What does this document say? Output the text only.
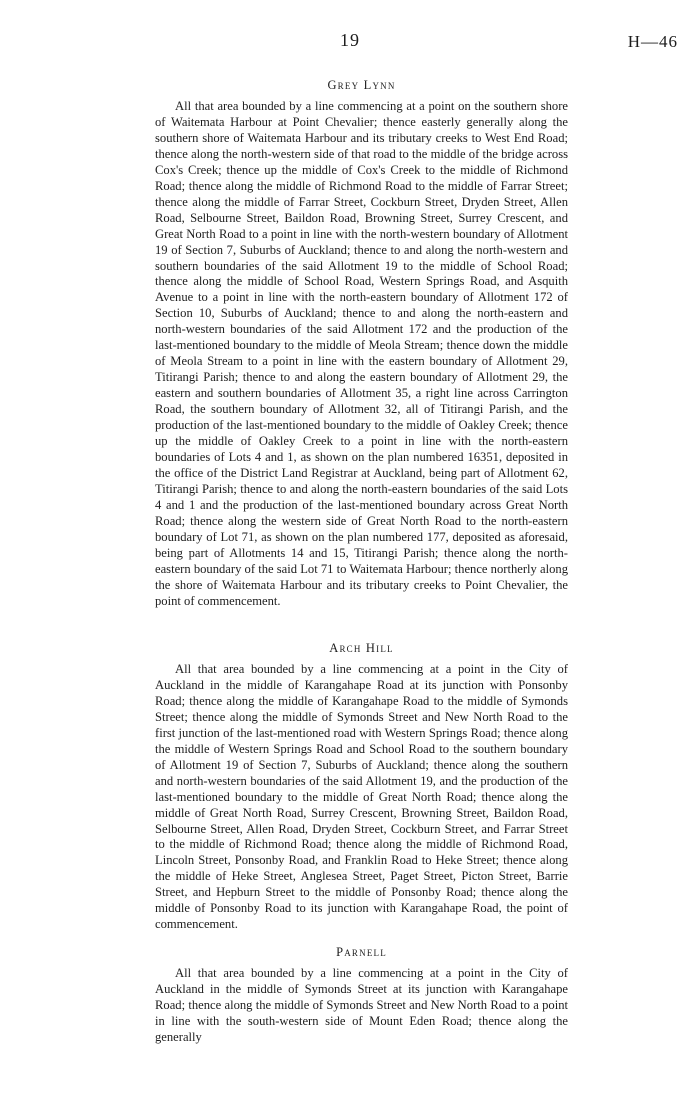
19	H—46
Grey Lynn

All that area bounded by a line commencing at a point on the southern shore of Waitemata Harbour at Point Chevalier; thence easterly generally along the southern shore of Waitemata Harbour and its tributary creeks to West End Road; thence along the north-western side of that road to the middle of the bridge across Cox's Creek; thence up the middle of Cox's Creek to the middle of Richmond Road; thence along the middle of Richmond Road to the middle of Farrar Street; thence along the middle of Farrar Street, Cockburn Street, Dryden Street, Allen Road, Selbourne Street, Baildon Road, Browning Street, Surrey Crescent, and Great North Road to a point in line with the north-western boundary of Allotment 19 of Section 7, Suburbs of Auckland; thence to and along the north-western and southern boundaries of the said Allotment 19 to the middle of School Road; thence along the middle of School Road, Western Springs Road, and Asquith Avenue to a point in line with the north-eastern boundary of Allotment 172 of Section 10, Suburbs of Auckland; thence to and along the north-eastern and north-western boundaries of the said Allotment 172 and the production of the last-mentioned boundary to the middle of Meola Stream; thence down the middle of Meola Stream to a point in line with the eastern boundary of Allotment 29, Titirangi Parish; thence to and along the eastern boundary of Allotment 29, the eastern and southern boundaries of Allotment 35, a right line across Carrington Road, the southern boundary of Allotment 32, all of Titirangi Parish, and the production of the last-mentioned boundary to the middle of Oakley Creek; thence up the middle of Oakley Creek to a point in line with the north-eastern boundaries of Lots 4 and 1, as shown on the plan numbered 16351, deposited in the office of the District Land Registrar at Auckland, being part of Allotment 62, Titirangi Parish; thence to and along the north-eastern boundaries of the said Lots 4 and 1 and the production of the last-mentioned boundary across Great North Road; thence along the western side of Great North Road to the north-eastern boundary of Lot 71, as shown on the plan numbered 177, deposited as aforesaid, being part of Allotments 14 and 15, Titirangi Parish; thence along the north-eastern boundary of the said Lot 71 to Waitemata Harbour; thence northerly along the shore of Waitemata Harbour and its tributary creeks to Point Chevalier, the point of commencement.

Arch Hill

All that area bounded by a line commencing at a point in the City of Auckland in the middle of Karangahape Road at its junction with Ponsonby Road; thence along the middle of Karangahape Road to the middle of Symonds Street; thence along the middle of Symonds Street and New North Road to the first junction of the last-mentioned road with Western Springs Road; thence along the middle of Western Springs Road and School Road to the southern boundary of Allotment 19 of Section 7, Suburbs of Auckland; thence along the southern and north-western boundaries of the said Allotment 19, and the production of the last-mentioned boundary to the middle of Great North Road; thence along the middle of Great North Road, Surrey Crescent, Browning Street, Baildon Road, Selbourne Street, Allen Road, Dryden Street, Cockburn Street, and Farrar Street to the middle of Richmond Road; thence along the middle of Richmond Road, Lincoln Street, Ponsonby Road, and Franklin Road to Heke Street; thence along the middle of Heke Street, Anglesea Street, Paget Street, Picton Street, Barrie Street, and Hepburn Street to the middle of Ponsonby Road; thence along the middle of Ponsonby Road to its junction with Karangahape Road, the point of commencement.

Parnell

All that area bounded by a line commencing at a point in the City of Auckland in the middle of Symonds Street at its junction with Karangahape Road; thence along the middle of Symonds Street and New North Road to a point in line with the south-western side of Mount Eden Road; thence along the generally
